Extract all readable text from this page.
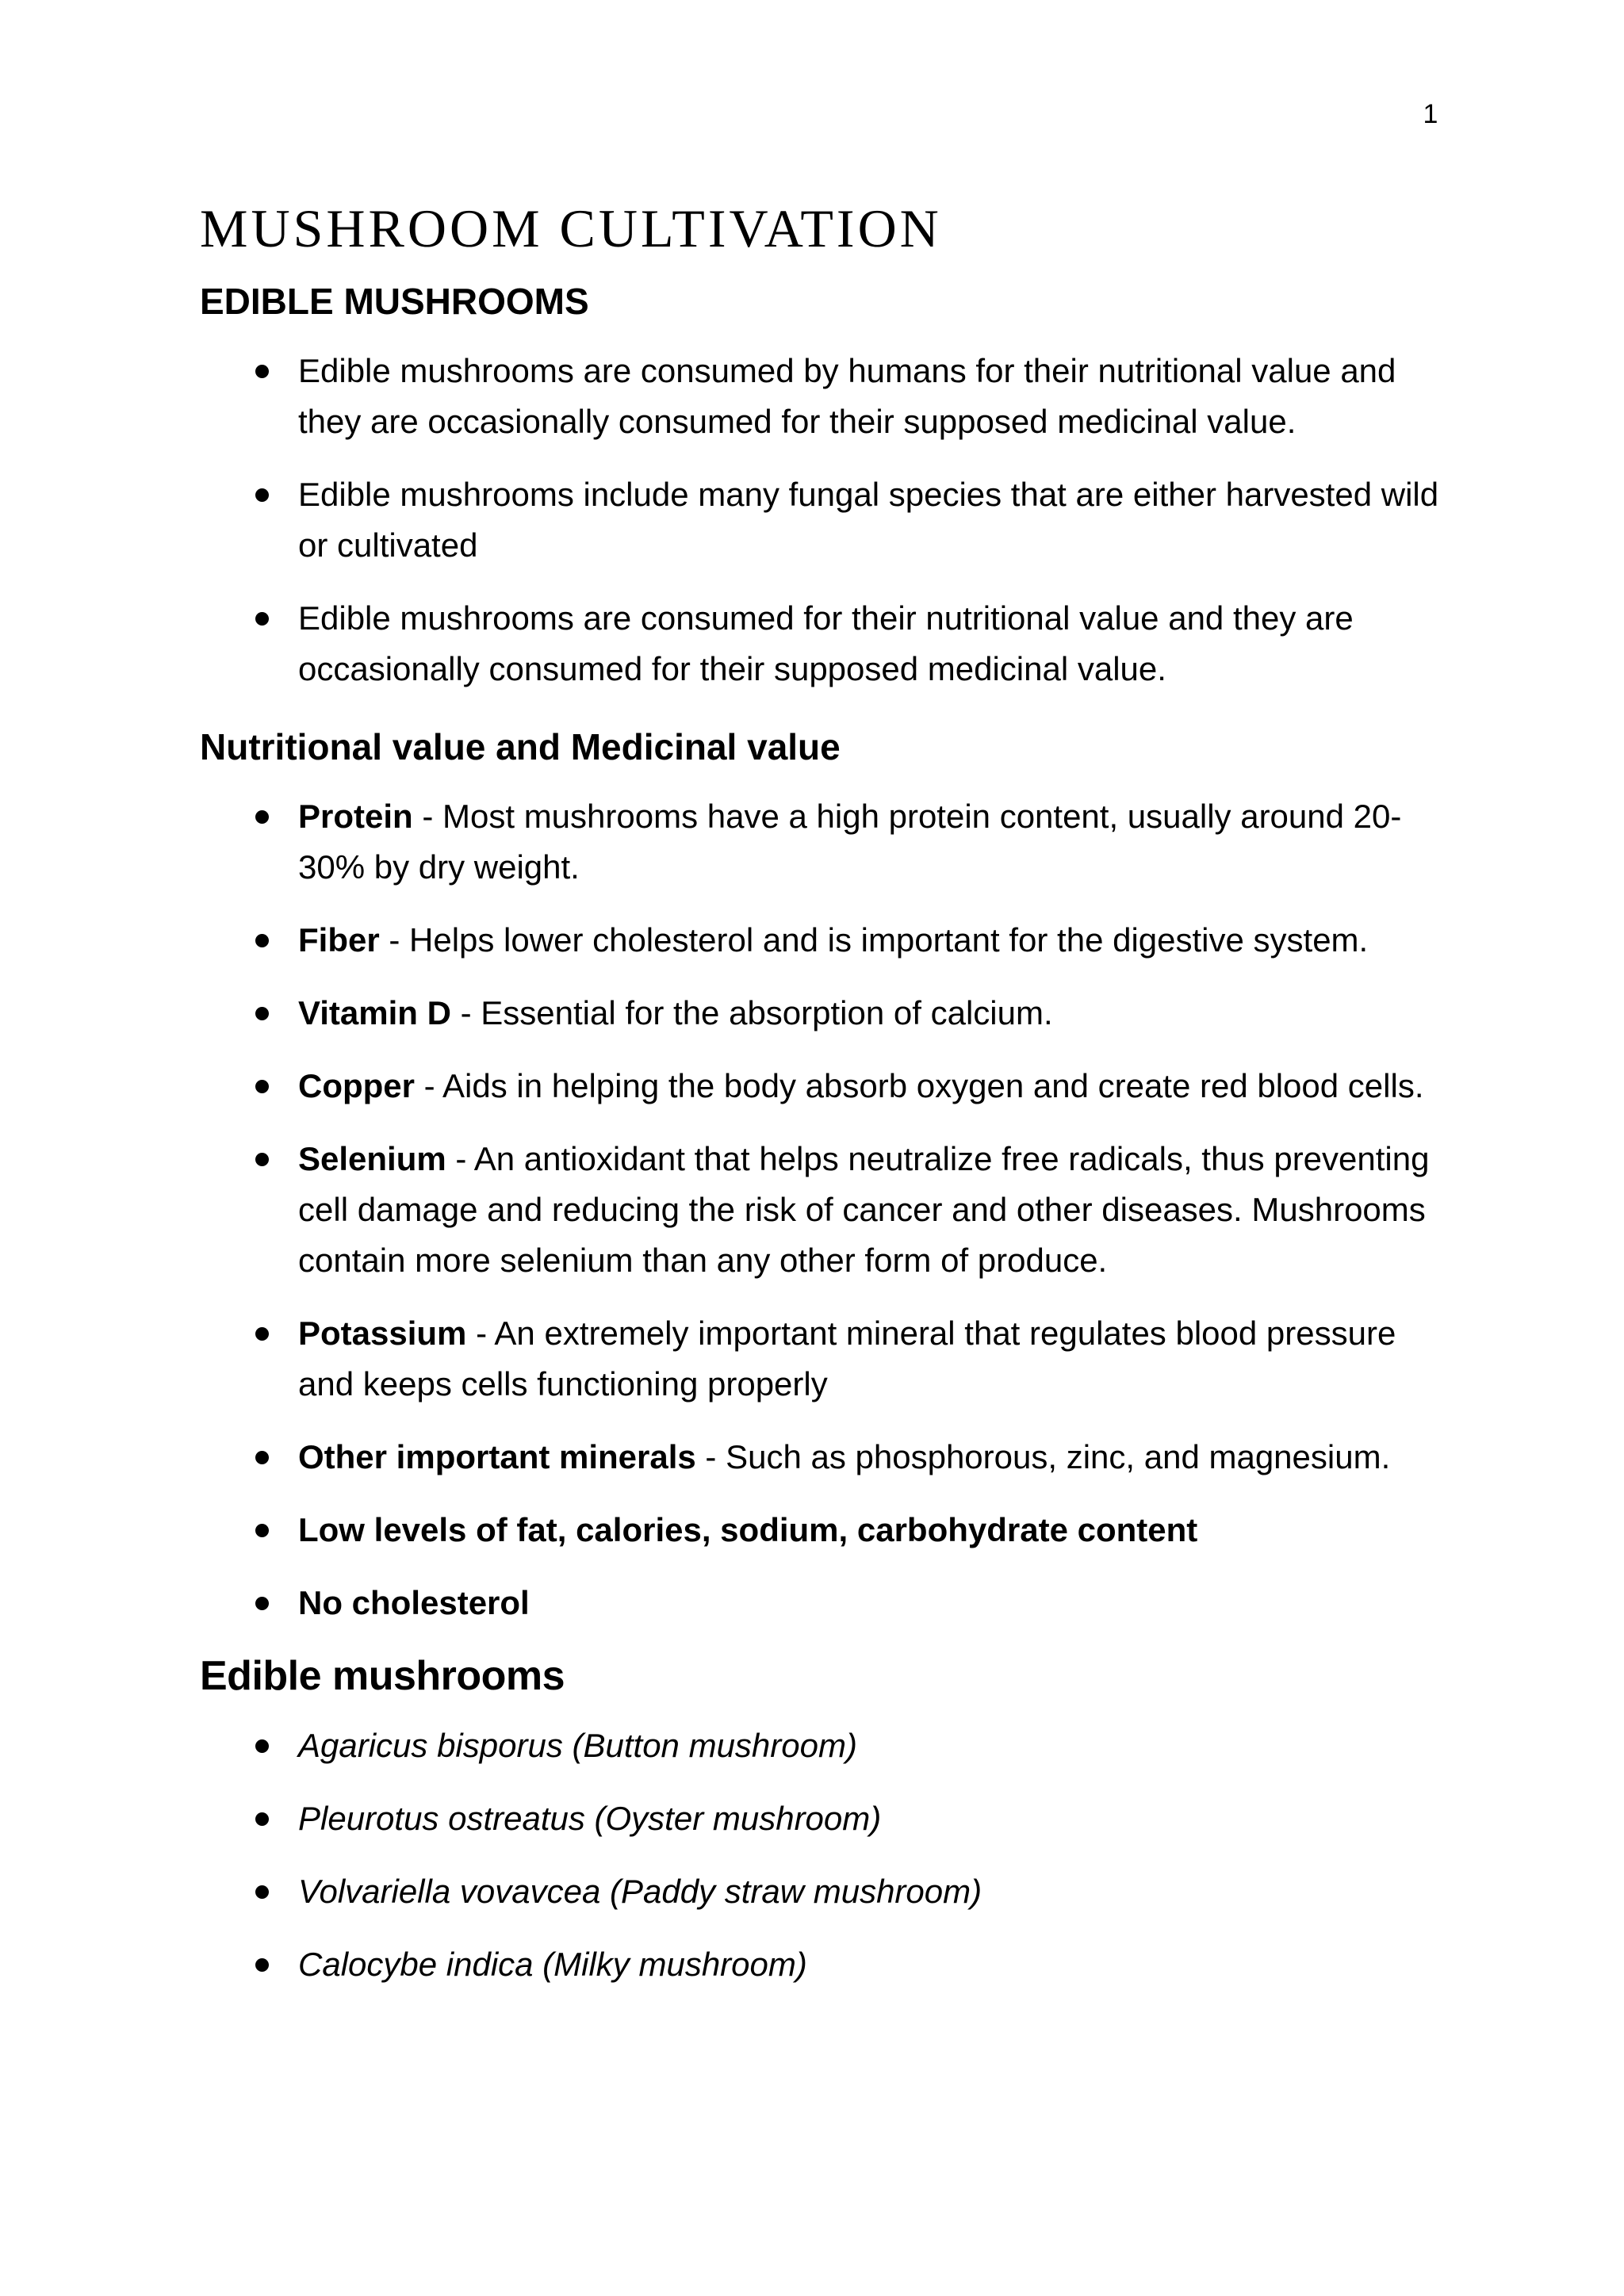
1
MUSHROOM CULTIVATION
EDIBLE MUSHROOMS
Edible mushrooms are consumed by humans for their nutritional value and they are occasionally consumed for their supposed medicinal value.
Edible mushrooms include many fungal species that are either harvested wild or cultivated
Edible mushrooms are consumed for their nutritional value and they are occasionally consumed for their supposed medicinal value.
Nutritional value and Medicinal value
Protein - Most mushrooms have a high protein content, usually around 20-30% by dry weight.
Fiber - Helps lower cholesterol and is important for the digestive system.
Vitamin D - Essential for the absorption of calcium.
Copper - Aids in helping the body absorb oxygen and create red blood cells.
Selenium - An antioxidant that helps neutralize free radicals, thus preventing cell damage and reducing the risk of cancer and other diseases. Mushrooms contain more selenium than any other form of produce.
Potassium - An extremely important mineral that regulates blood pressure and keeps cells functioning properly
Other important minerals - Such as phosphorous, zinc, and magnesium.
Low levels of fat, calories, sodium, carbohydrate content
No cholesterol
Edible mushrooms
Agaricus bisporus (Button mushroom)
Pleurotus ostreatus (Oyster mushroom)
Volvariella vovavcea (Paddy straw mushroom)
Calocybe indica (Milky mushroom)
